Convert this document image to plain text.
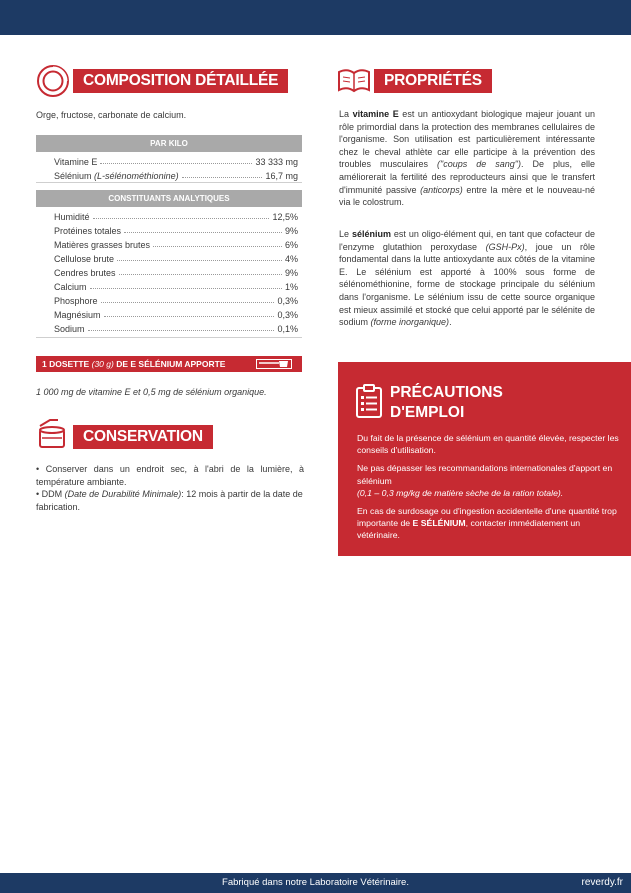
COMPOSITION DÉTAILLÉE
Orge, fructose, carbonate de calcium.
PAR KILO
Vitamine E	33 333 mg
Sélénium (L-sélénométhionine)	16,7 mg
CONSTITUANTS ANALYTIQUES
Humidité	12,5%
Protéines totales	9%
Matières grasses brutes	6%
Cellulose brute	4%
Cendres brutes	9%
Calcium	1%
Phosphore	0,3%
Magnésium	0,3%
Sodium	0,1%
1 DOSETTE (30 g) DE E SÉLÉNIUM APPORTE
1 000 mg de vitamine E et 0,5 mg de sélénium organique.
CONSERVATION
• Conserver dans un endroit sec, à l'abri de la lumière, à température ambiante.
• DDM (Date de Durabilité Minimale): 12 mois à partir de la date de fabrication.
PROPRIÉTÉS
La vitamine E est un antioxydant biologique majeur jouant un rôle primordial dans la protection des membranes cellulaires de l'organisme. Son utilisation est particulièrement intéressante chez le cheval athlète car elle participe à la prévention des troubles musculaires ("coups de sang"). De plus, elle améliorerait la fertilité des reproducteurs ainsi que le transfert d'immunité passive (anticorps) entre la mère et le nouveau-né via le colostrum.
Le sélénium est un oligo-élément qui, en tant que cofacteur de l'enzyme glutathion peroxydase (GSH-Px), joue un rôle fondamental dans la lutte antioxydante aux côtés de la vitamine E. Le sélénium est apporté à 100% sous forme de sélénométhionine, forme de stockage principale du sélénium dans l'organisme. Le sélénium issu de cette source organique est mieux assimilé et stocké que celui apporté par le sélénite de sodium (forme inorganique).
PRÉCAUTIONS
D'EMPLOI

Du fait de la présence de sélénium en quantité élevée, respecter les conseils d'utilisation.

Ne pas dépasser les recommandations internationales d'apport en sélénium
(0,1 – 0,3 mg/kg de matière sèche de la ration totale).

En cas de surdosage ou d'ingestion accidentelle d'une quantité trop importante de E SÉLÉNIUM, contacter immédiatement un vétérinaire.

Fabriqué dans notre Laboratoire Vétérinaire.	reverdy.fr
